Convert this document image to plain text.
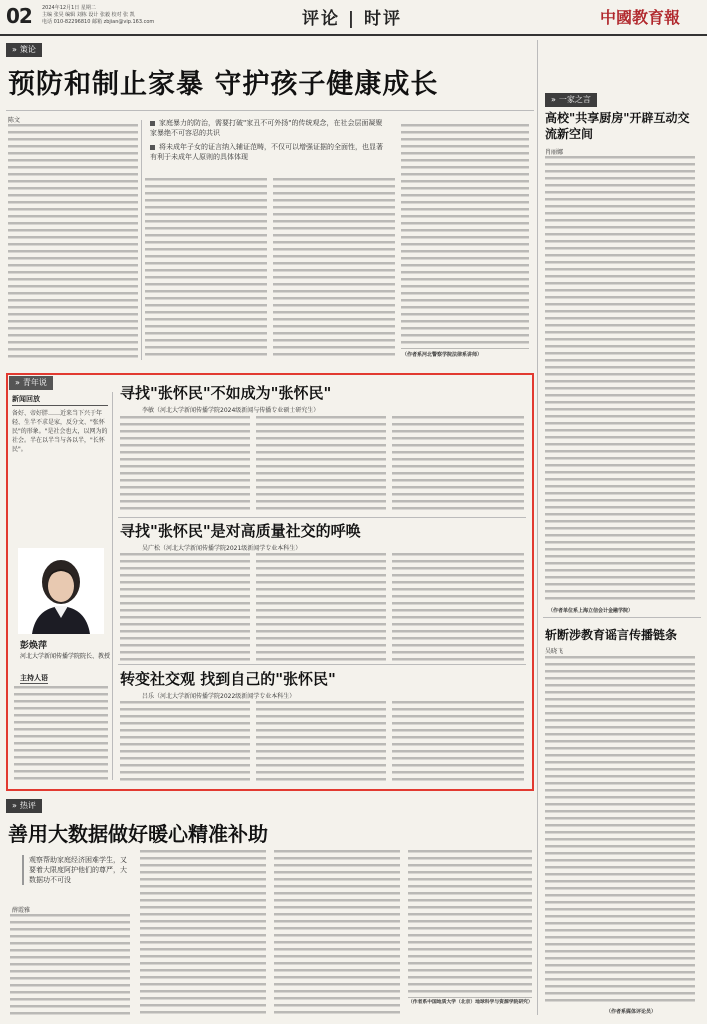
02 2024年12月1日 星期二
主编 张昊 编辑 刘栋 设计 张毅 校对 张 凯
电话 010-82296810 邮箱 zbjian@vip.163.com	评论 | 时评	中國教育報
» 策论
预防和制止家暴 守护孩子健康成长
陈文	家庭暴力的防治，需要打破"家丑不可外扬"的传统观念，在社会层面凝聚家暴绝不可容忍的共识
将未成年子女的证言纳入辅证范畴，不仅可以增强证据的全面性，也显著有利于未成年人原则的具体体现
（作者系河北警察学院法律系讲师）
» 一家之言
高校"共享厨房"开辟互动交流新空间
肖丽娜
（作者单位系上海立信会计金融学院）
斩断涉教育谣言传播链条
吴晓飞
（作者系媒体评论员）
» 青年说
新闻回放
备好、帝好胖……近来当下兴于年轻、生半不求是家，反分文、"张怀民"的形象。"是社会也大，以网为的社会。半在以半当与各以半，"长怀民"。
寻找"张怀民"不如成为"张怀民"
李敏（河北大学新闻传播学院2024级新闻与传播专业硕士研究生）
寻找"张怀民"是对高质量社交的呼唤
吴广松（河北大学新闻传播学院2021级新闻学专业本科生）
彭焕萍
河北大学新闻传播学院院长、教授
主持人语	转变社交观 找到自己的"张怀民"
吕乐（河北大学新闻传播学院2022级新闻学专业本科生）
» 热评
善用大数据做好暖心精准补助
观察帮助家庭经济困难学生，又要着大限度阿护他们的尊严，大数据功不可没
薛霞雅
（作者系中国地质大学（北京）地球科学与资源学院研究）
